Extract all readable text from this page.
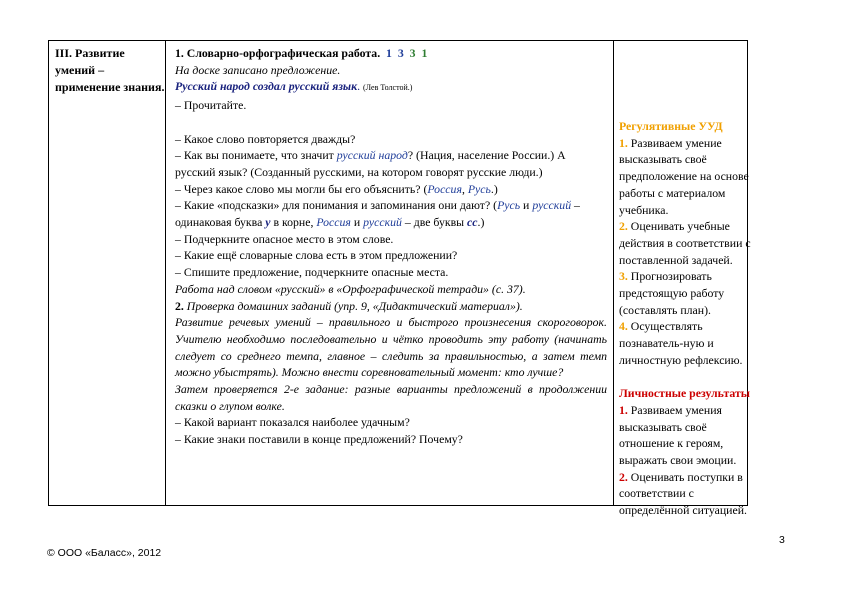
III. Развитие умений – применение знания.

1. Словарно-орфографическая работа. 1 3 3 1

На доске записано предложение.

Русский народ создал русский язык. (Лев Толстой.)

– Прочитайте.

– Какое слово повторяется дважды?

– Как вы понимаете, что значит русский народ? (Нация, население России.) А русский язык? (Созданный русскими, на котором говорят русские люди.)

– Через какое слово мы могли бы его объяснить? (Россия, Русь.)

– Какие «подсказки» для понимания и запоминания они дают? (Русь и русский – одинаковая буква у в корне, Россия и русский – две буквы сс.)

– Подчеркните опасное место в этом слове.

– Какие ещё словарные слова есть в этом предложении?

– Спишите предложение, подчеркните опасные места.

Работа над словом «русский» в «Орфографической тетради» (с. 37).

2. Проверка домашних заданий (упр. 9, «Дидактический материал»).

Развитие речевых умений – правильного и быстрого произнесения скороговорок. Учителю необходимо последовательно и чётко проводить эту работу (начинать следует со среднего темпа, главное – следить за правильностью, а затем темп можно убыстрять). Можно внести соревновательный момент: кто лучше?

Затем проверяется 2-е задание: разные варианты предложений в продолжении сказки о глупом волке.

– Какой вариант показался наиболее удачным?

– Какие знаки поставили в конце предложений? Почему?

Регулятивные УУД

1. Развиваем умение высказывать своё предположение на основе работы с материалом учебника.

2. Оценивать учебные действия в соответствии с поставленной задачей.

3. Прогнозировать предстоящую работу (составлять план).

4. Осуществлять познаватель-ную и личностную рефлексию.

Личностные результаты

1. Развиваем умения высказывать своё отношение к героям, выражать свои эмоции.

2. Оценивать поступки в соответствии с определённой ситуацией.

3
© ООО «Баласс», 2012
